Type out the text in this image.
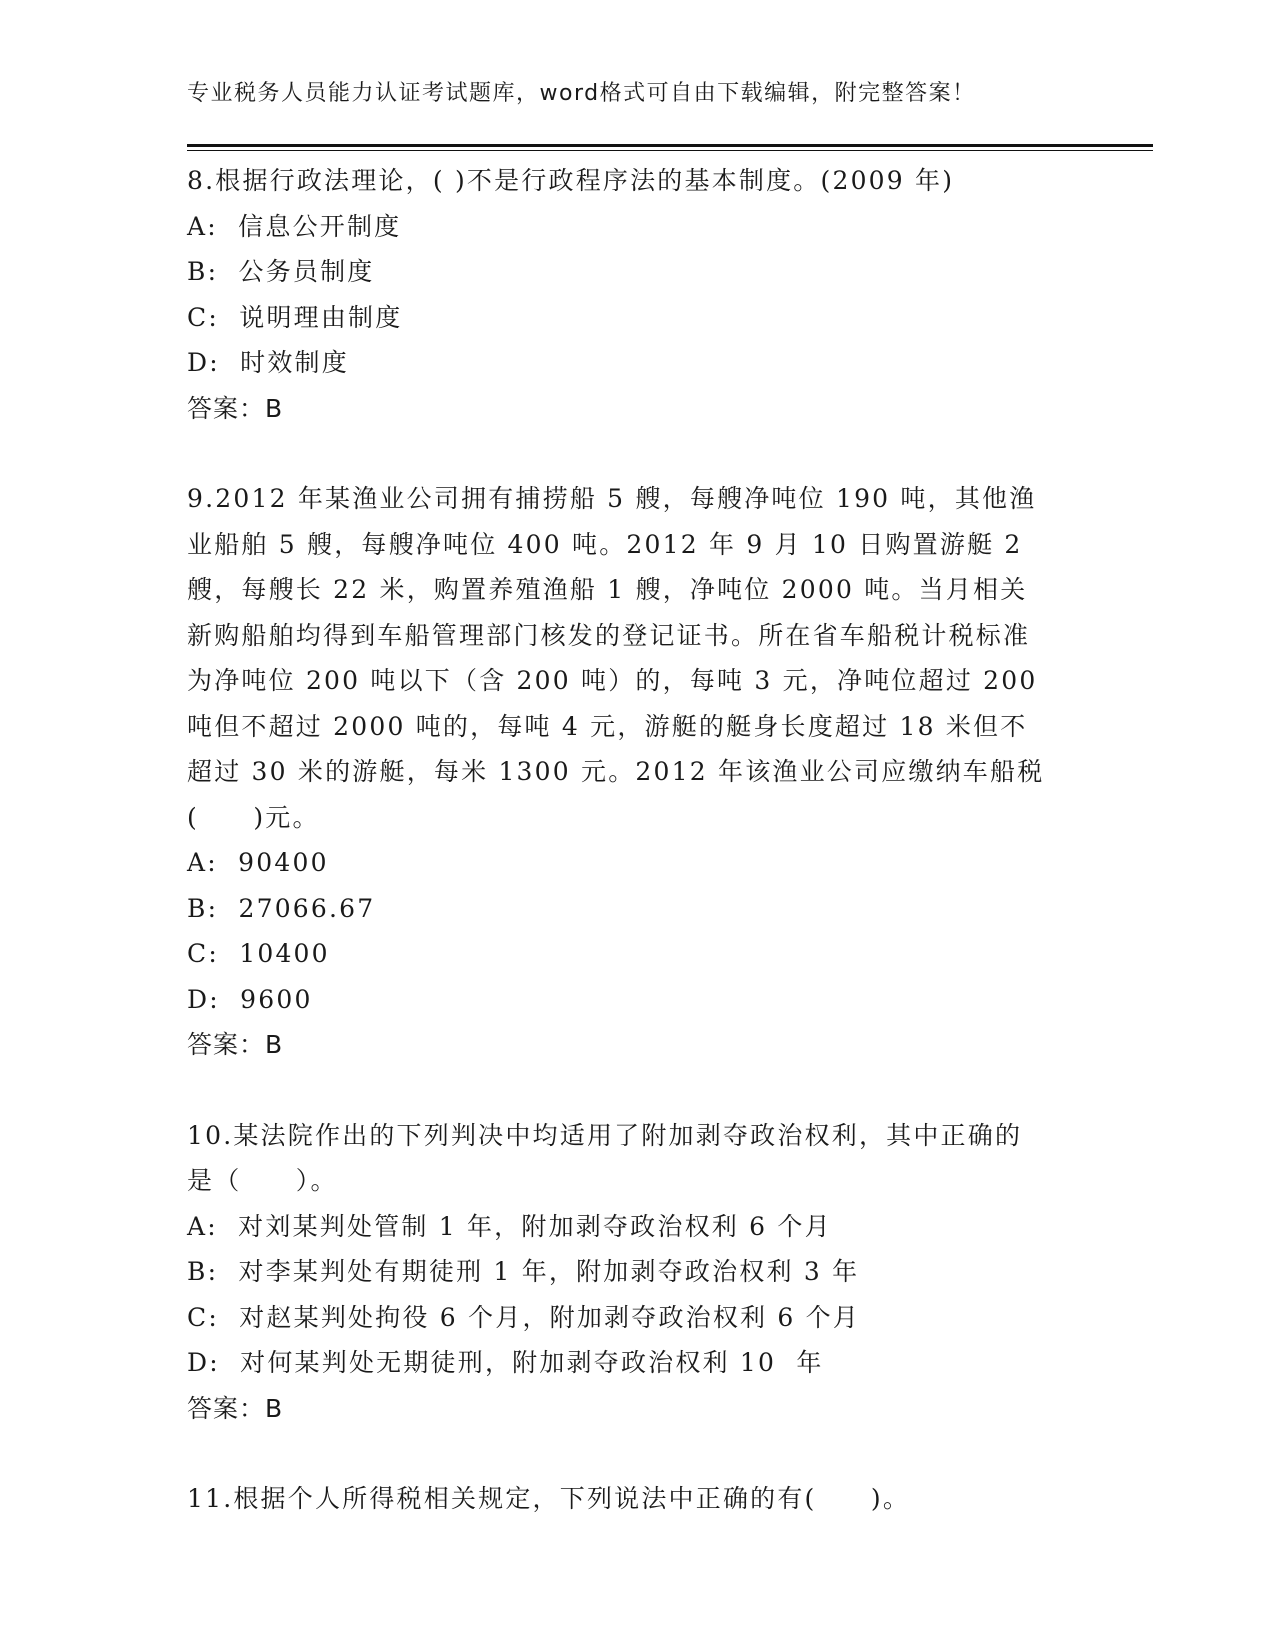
专业税务人员能力认证考试题库，word格式可自由下载编辑，附完整答案！

8.根据行政法理论，( )不是行政程序法的基本制度。(2009 年)

A:  信息公开制度

B:  公务员制度

C:  说明理由制度

D:  时效制度

答案：B

9.2012 年某渔业公司拥有捕捞船 5 艘，每艘净吨位 190 吨，其他渔业船舶 5 艘，每艘净吨位 400 吨。2012 年 9 月 10 日购置游艇 2 艘，每艘长 22 米，购置养殖渔船 1 艘，净吨位 2000 吨。当月相关新购船舶均得到车船管理部门核发的登记证书。所在省车船税计税标准为净吨位 200 吨以下（含 200 吨）的，每吨 3 元，净吨位超过 200 吨但不超过 2000 吨的，每吨 4 元，游艇的艇身长度超过 18 米但不超过 30 米的游艇，每米 1300 元。2012 年该渔业公司应缴纳车船税(　　)元。

A:  90400

B:  27066.67

C:  10400

D:  9600

答案：B

10.某法院作出的下列判决中均适用了附加剥夺政治权利，其中正确的是（　　）。

A:  对刘某判处管制 1 年，附加剥夺政治权利 6 个月

B:  对李某判处有期徒刑 1 年，附加剥夺政治权利 3 年

C:  对赵某判处拘役 6 个月，附加剥夺政治权利 6 个月

D:  对何某判处无期徒刑，附加剥夺政治权利 10  年

答案：B

11.根据个人所得税相关规定，下列说法中正确的有(　　)。
